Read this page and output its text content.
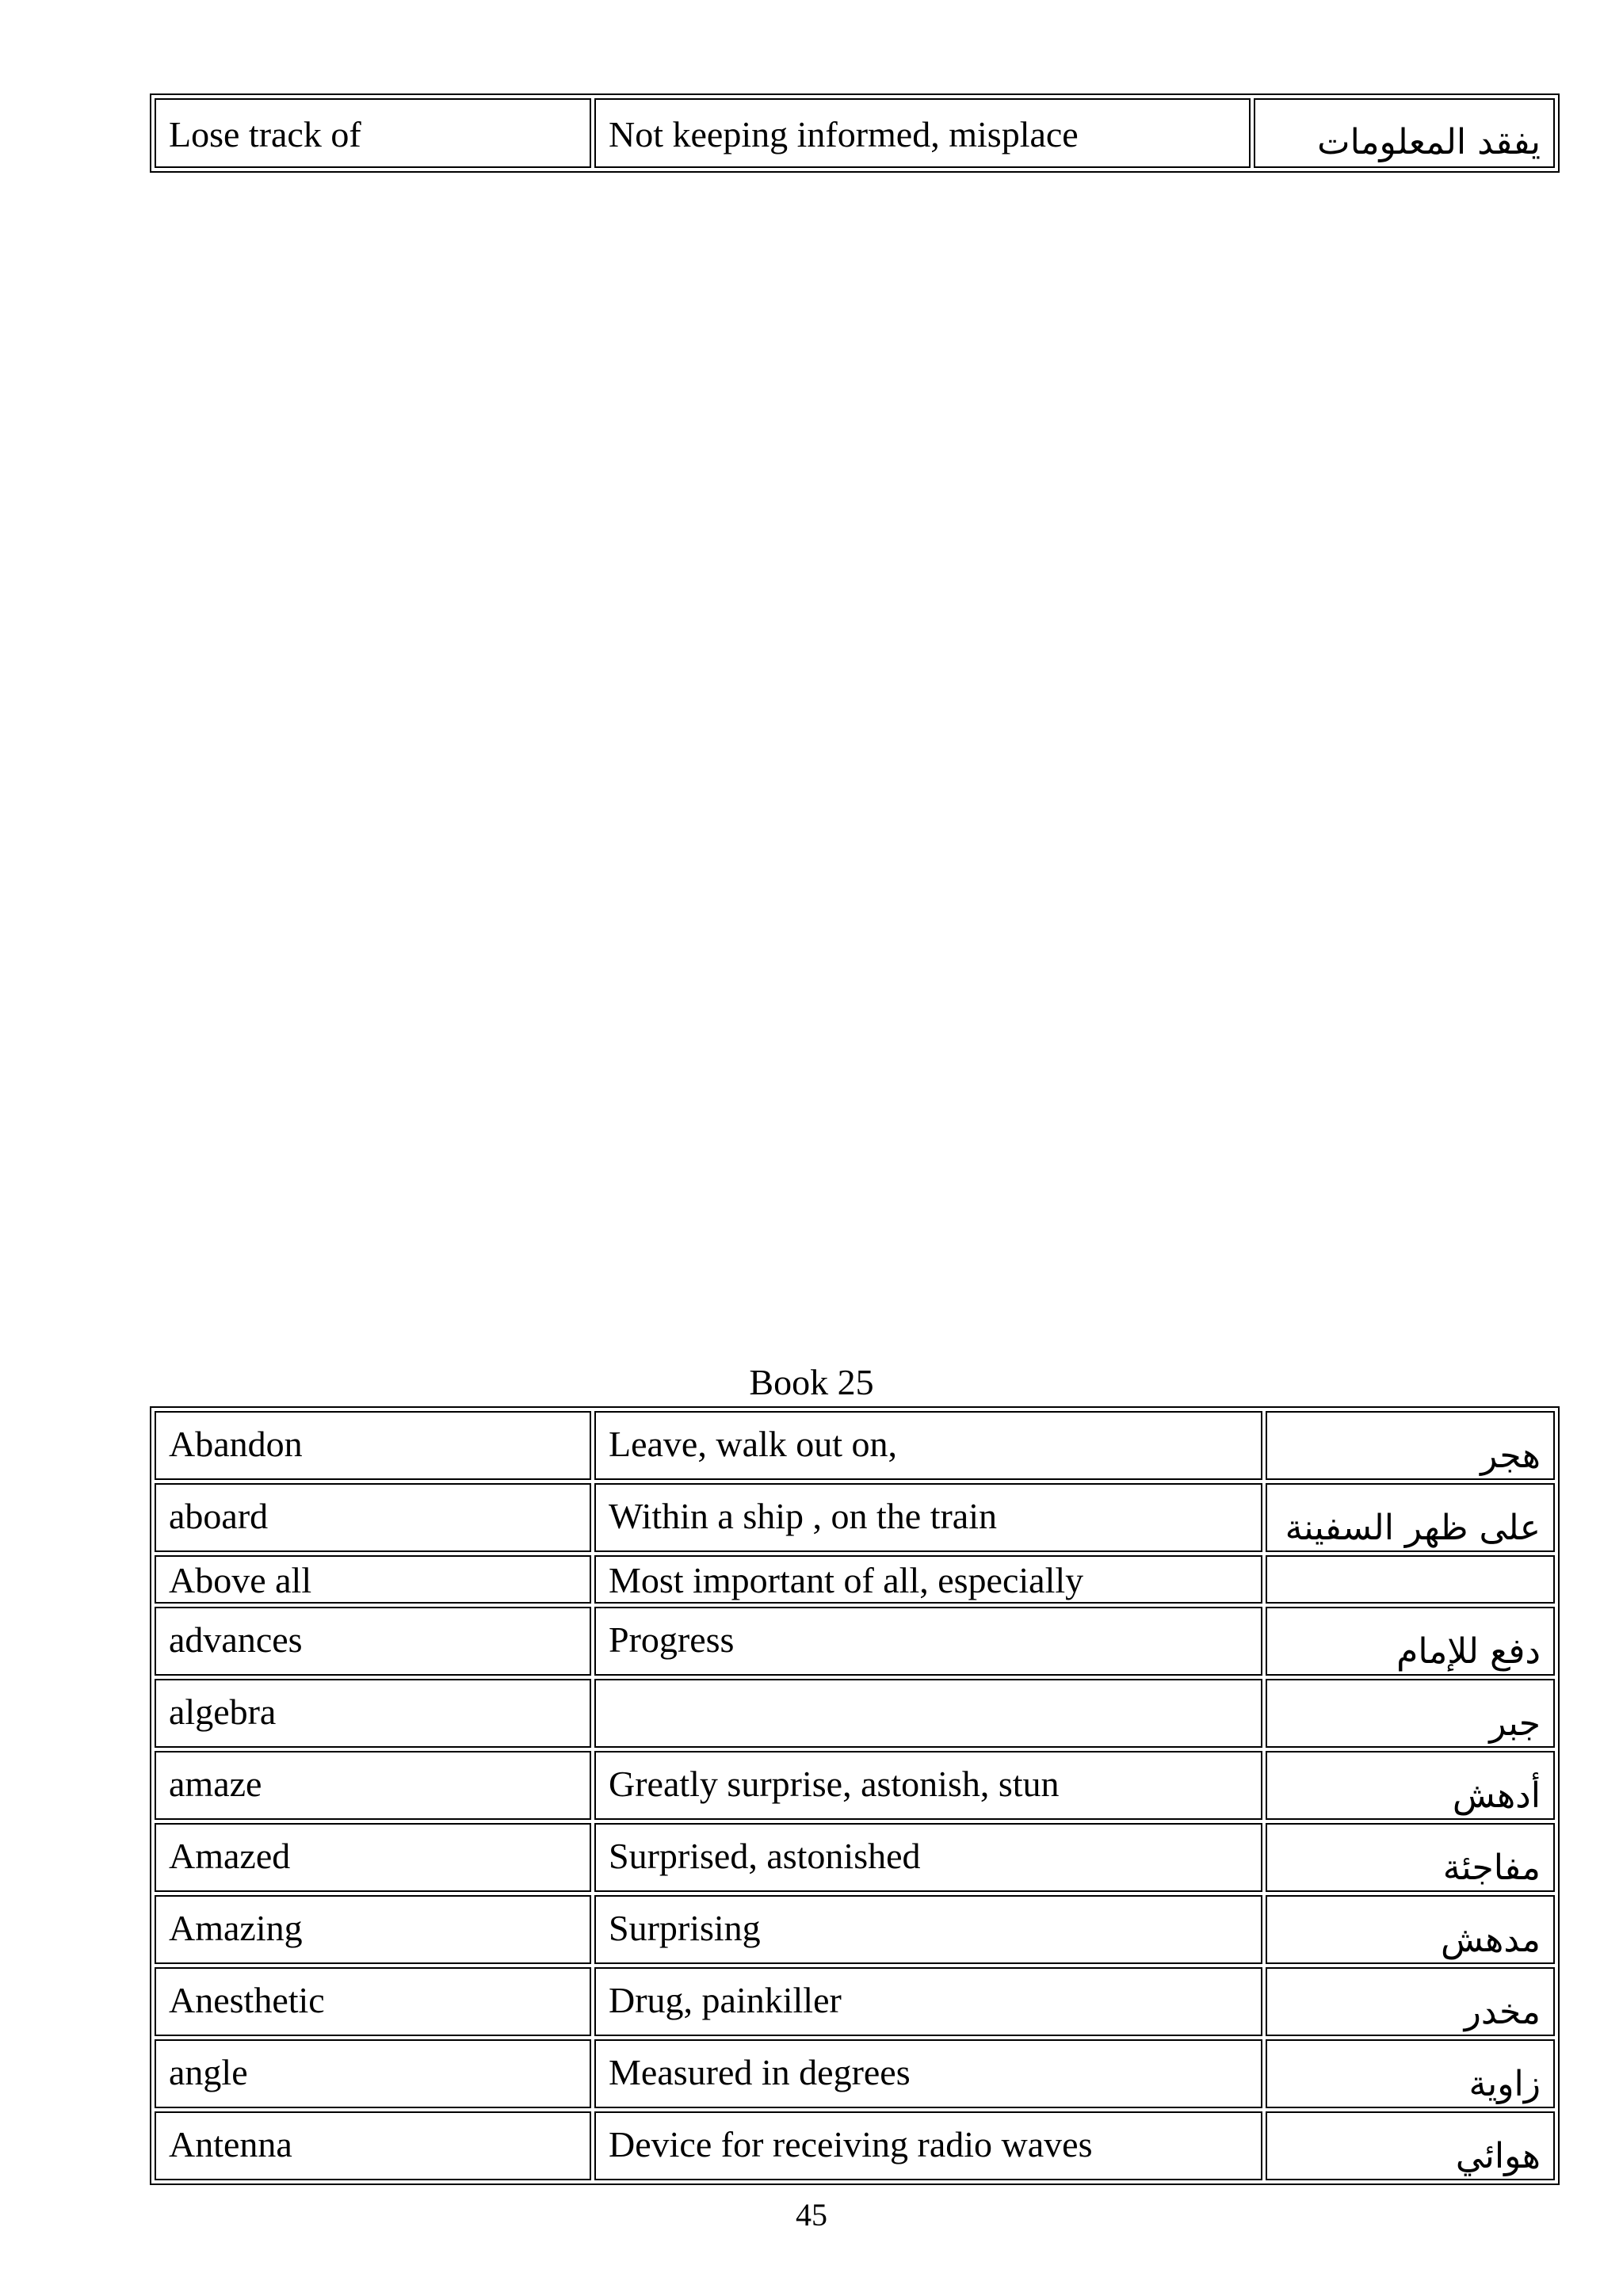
Lose track of	Not keeping informed, misplace	يفقد المعلومات
Book 25
Abandon	Leave, walk out on,	هجر
aboard	Within a ship , on the train	على ظهر السفينة
Above all	Most important of all, especially	
advances	Progress	دفع للإمام
algebra		جبر
amaze	Greatly surprise, astonish, stun	أدهش
Amazed	Surprised, astonished	مفاجئة
Amazing	Surprising	مدهش
Anesthetic	Drug, painkiller	مخدر
angle	Measured in degrees	زاوية
Antenna	Device for receiving radio waves	هوائي
45
